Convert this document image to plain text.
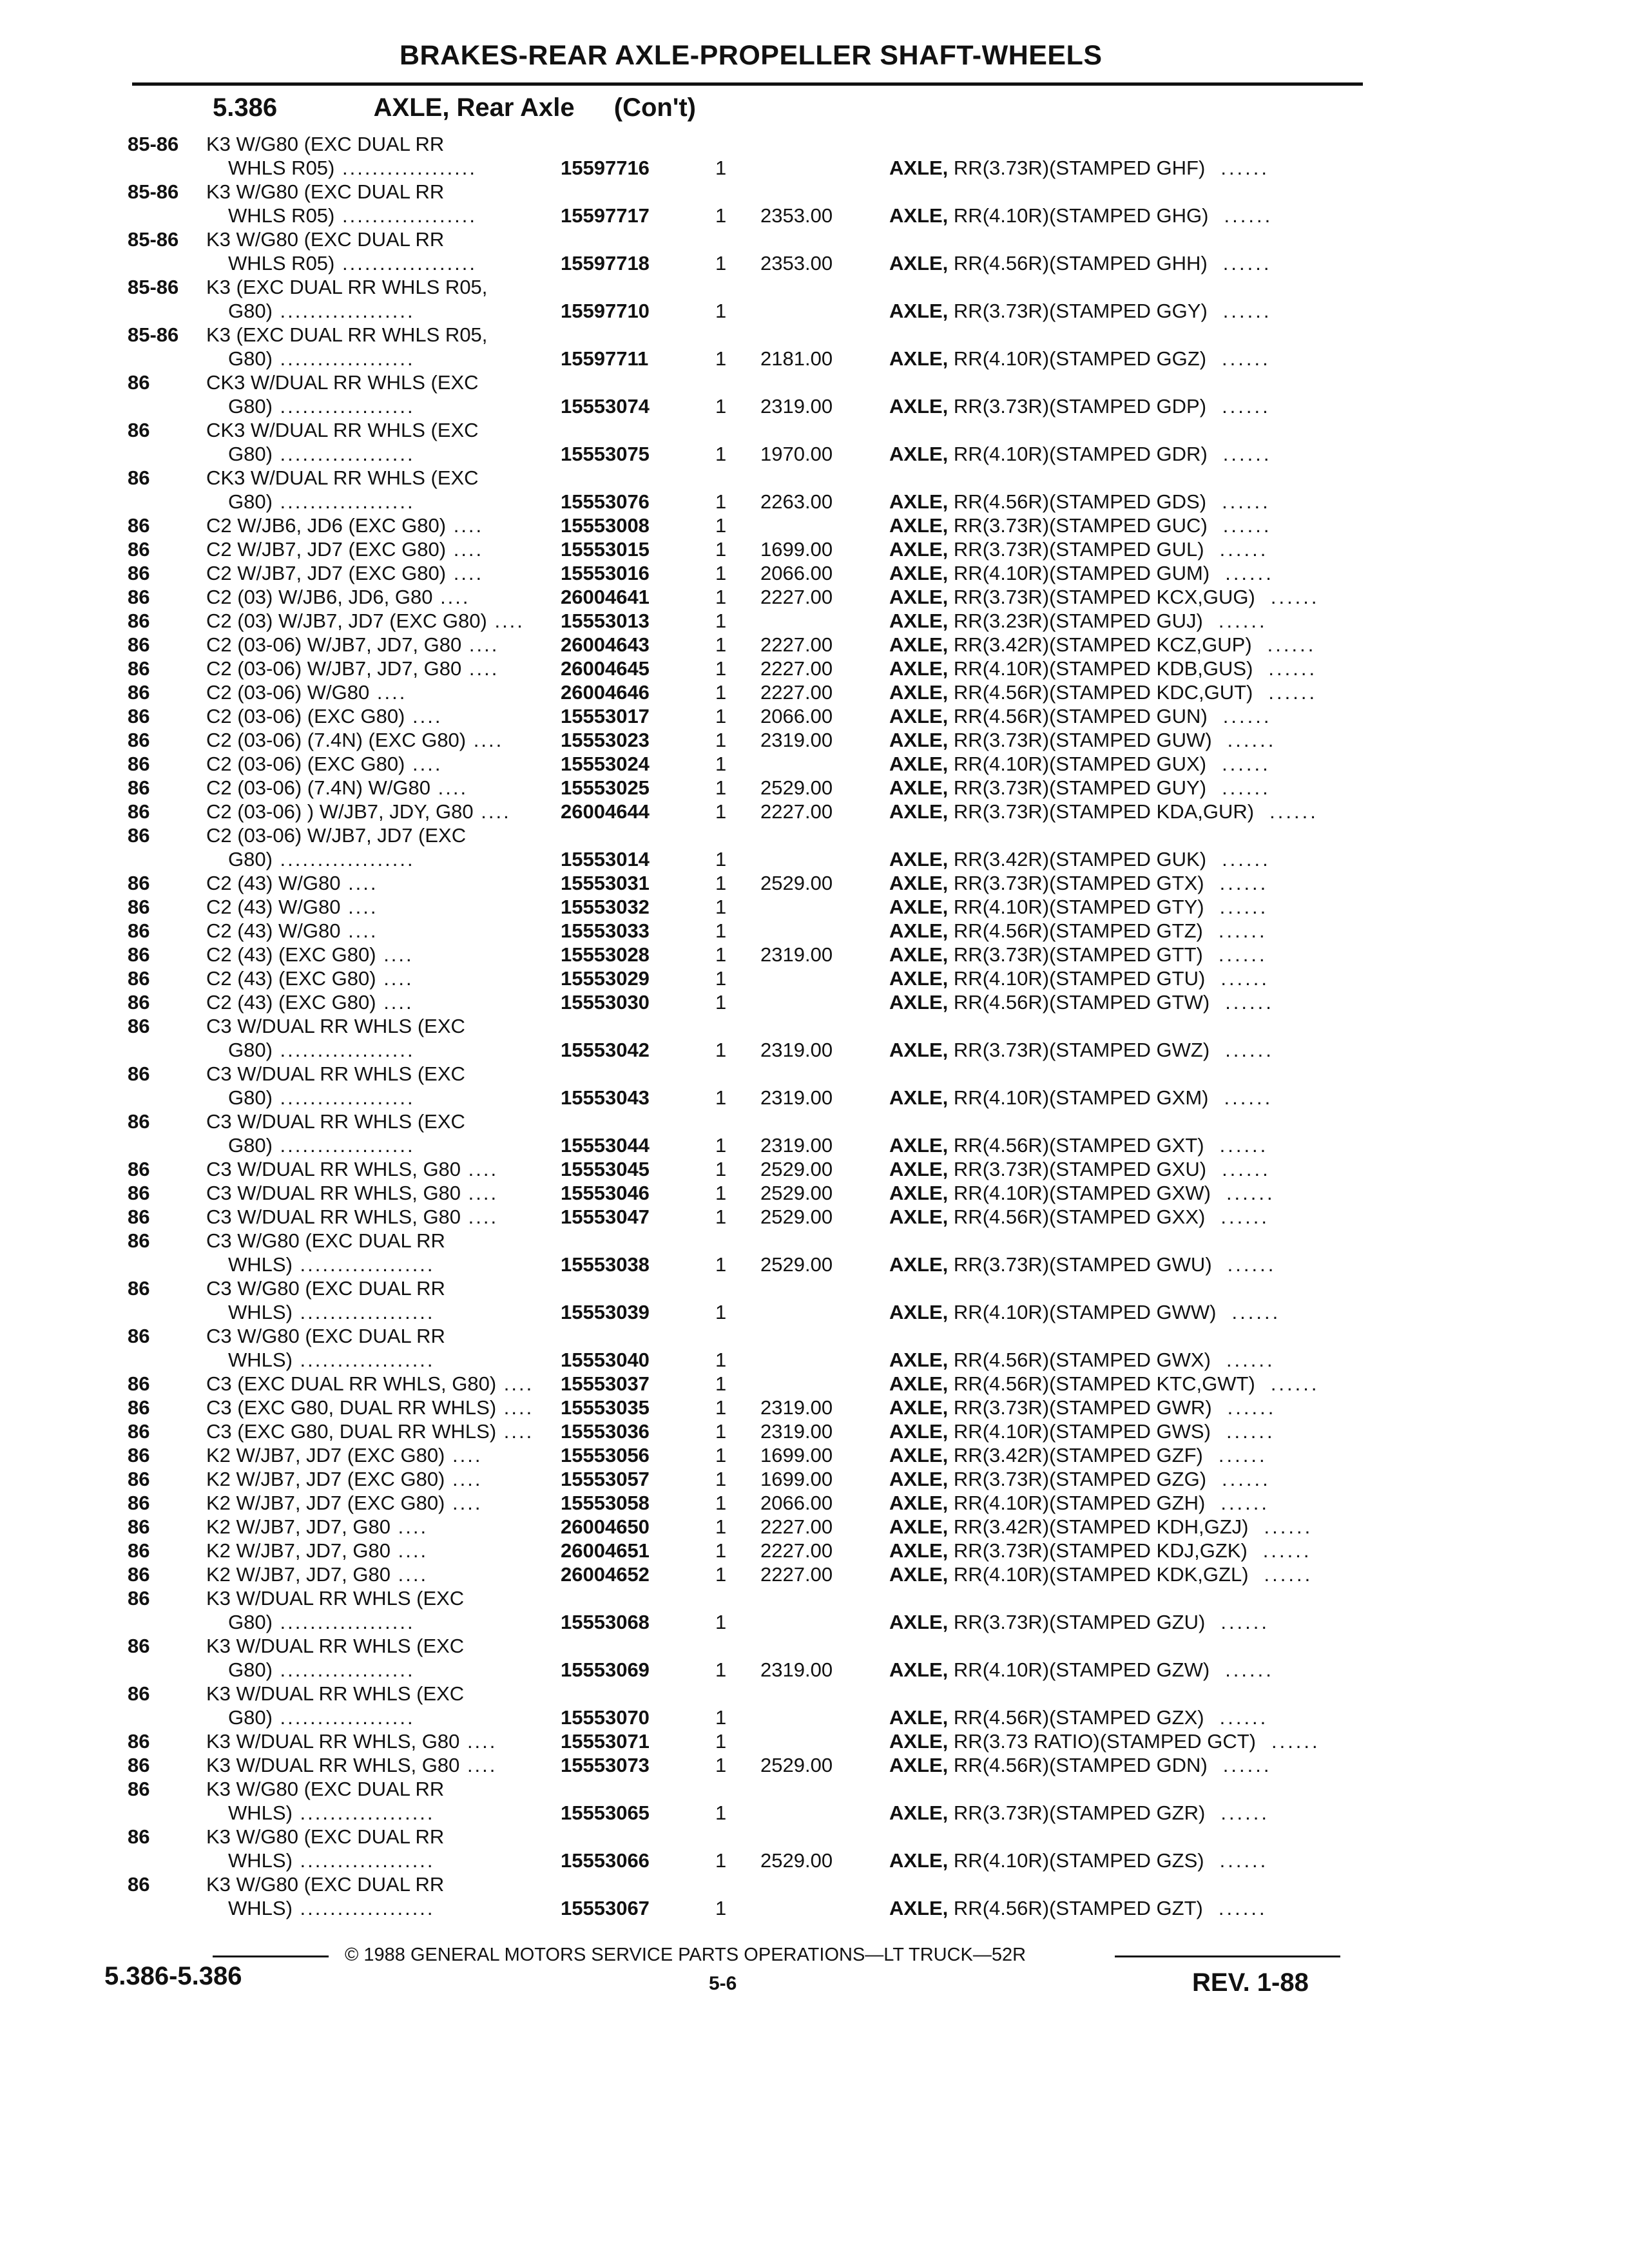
BRAKES-REAR AXLE-PROPELLER SHAFT-WHEELS
5.386	AXLE, Rear Axle (Con't)
85-86 K3 W/G80 (EXC DUAL RR
WHLS R05) ..................	15597716	1	AXLE, RR(3.73R)(STAMPED GHF) ......
85-86 K3 W/G80 (EXC DUAL RR
WHLS R05) ..................	15597717	1 2353.00	AXLE, RR(4.10R)(STAMPED GHG) ......
85-86 K3 W/G80 (EXC DUAL RR
WHLS R05) ..................	15597718	1 2353.00	AXLE, RR(4.56R)(STAMPED GHH) ......
85-86 K3 (EXC DUAL RR WHLS R05,
G80) ..................	15597710	1	AXLE, RR(3.73R)(STAMPED GGY) ......
85-86 K3 (EXC DUAL RR WHLS R05,
G80) ..................	15597711	1 2181.00	AXLE, RR(4.10R)(STAMPED GGZ) ......
86	CK3 W/DUAL RR WHLS (EXC
G80) ..................	15553074	1 2319.00	AXLE, RR(3.73R)(STAMPED GDP) ......
86	CK3 W/DUAL RR WHLS (EXC
G80) ..................	15553075	1 1970.00	AXLE, RR(4.10R)(STAMPED GDR) ......
86	CK3 W/DUAL RR WHLS (EXC
G80) ..................	15553076	1 2263.00	AXLE, RR(4.56R)(STAMPED GDS) ......
86	C2 W/JB6, JD6 (EXC G80) ....	15553008	1	AXLE, RR(3.73R)(STAMPED GUC) ......
86	C2 W/JB7, JD7 (EXC G80) ....	15553015	1 1699.00	AXLE, RR(3.73R)(STAMPED GUL) ......
86	C2 W/JB7, JD7 (EXC G80) ....	15553016	1 2066.00	AXLE, RR(4.10R)(STAMPED GUM) ......
86	C2 (03) W/JB6, JD6, G80 ....	26004641	1 2227.00	AXLE, RR(3.73R)(STAMPED KCX,GUG) ......
86	C2 (03) W/JB7, JD7 (EXC G80) .... 15553013	1	AXLE, RR(3.23R)(STAMPED GUJ) ......
86	C2 (03-06) W/JB7, JD7, G80 ....	26004643	1 2227.00	AXLE, RR(3.42R)(STAMPED KCZ,GUP) ......
86	C2 (03-06) W/JB7, JD7, G80 ....	26004645	1 2227.00	AXLE, RR(4.10R)(STAMPED KDB,GUS) ......
86	C2 (03-06) W/G80 ....	26004646	1 2227.00	AXLE, RR(4.56R)(STAMPED KDC,GUT) ......
86	C2 (03-06) (EXC G80) ....	15553017	1 2066.00	AXLE, RR(4.56R)(STAMPED GUN) ......
86	C2 (03-06) (7.4N) (EXC G80) ....	15553023	1 2319.00	AXLE, RR(3.73R)(STAMPED GUW) ......
86	C2 (03-06) (EXC G80) ....	15553024	1	AXLE, RR(4.10R)(STAMPED GUX) ......
86	C2 (03-06) (7.4N) W/G80 ....	15553025	1 2529.00	AXLE, RR(3.73R)(STAMPED GUY) ......
86	C2 (03-06) ) W/JB7, JDY, G80 .... 26004644	1 2227.00	AXLE, RR(3.73R)(STAMPED KDA,GUR) ......
86	C2 (03-06) W/JB7, JD7 (EXC
G80) ..................	15553014	1	AXLE, RR(3.42R)(STAMPED GUK) ......
86	C2 (43) W/G80 ....	15553031	1 2529.00	AXLE, RR(3.73R)(STAMPED GTX) ......
86	C2 (43) W/G80 ....	15553032	1	AXLE, RR(4.10R)(STAMPED GTY) ......
86	C2 (43) W/G80 ....	15553033	1	AXLE, RR(4.56R)(STAMPED GTZ) ......
86	C2 (43) (EXC G80) ....	15553028	1 2319.00	AXLE, RR(3.73R)(STAMPED GTT) ......
86	C2 (43) (EXC G80) ....	15553029	1	AXLE, RR(4.10R)(STAMPED GTU) ......
86	C2 (43) (EXC G80) ....	15553030	1	AXLE, RR(4.56R)(STAMPED GTW) ......
86	C3 W/DUAL RR WHLS (EXC
G80) ..................	15553042	1 2319.00	AXLE, RR(3.73R)(STAMPED GWZ) ......
86	C3 W/DUAL RR WHLS (EXC
G80) ..................	15553043	1 2319.00	AXLE, RR(4.10R)(STAMPED GXM) ......
86	C3 W/DUAL RR WHLS (EXC
G80) ..................	15553044	1 2319.00	AXLE, RR(4.56R)(STAMPED GXT) ......
86	C3 W/DUAL RR WHLS, G80 ....	15553045	1 2529.00	AXLE, RR(3.73R)(STAMPED GXU) ......
86	C3 W/DUAL RR WHLS, G80 ....	15553046	1 2529.00	AXLE, RR(4.10R)(STAMPED GXW) ......
86	C3 W/DUAL RR WHLS, G80 ....	15553047	1 2529.00	AXLE, RR(4.56R)(STAMPED GXX) ......
86	C3 W/G80 (EXC DUAL RR
WHLS) ..................	15553038	1 2529.00	AXLE, RR(3.73R)(STAMPED GWU) ......
86	C3 W/G80 (EXC DUAL RR
WHLS) ..................	15553039	1	AXLE, RR(4.10R)(STAMPED GWW) ......
86	C3 W/G80 (EXC DUAL RR
WHLS) ..................	15553040	1	AXLE, RR(4.56R)(STAMPED GWX) ......
86	C3 (EXC DUAL RR WHLS, G80) .... 15553037	1	AXLE, RR(4.56R)(STAMPED KTC,GWT) ......
86	C3 (EXC G80, DUAL RR WHLS) .... 15553035	1 2319.00	AXLE, RR(3.73R)(STAMPED GWR) ......
86	C3 (EXC G80, DUAL RR WHLS) .... 15553036	1 2319.00	AXLE, RR(4.10R)(STAMPED GWS) ......
86	K2 W/JB7, JD7 (EXC G80) ....	15553056	1 1699.00	AXLE, RR(3.42R)(STAMPED GZF) ......
86	K2 W/JB7, JD7 (EXC G80) ....	15553057	1 1699.00	AXLE, RR(3.73R)(STAMPED GZG) ......
86	K2 W/JB7, JD7 (EXC G80) ....	15553058	1 2066.00	AXLE, RR(4.10R)(STAMPED GZH) ......
86	K2 W/JB7, JD7, G80 ....	26004650	1 2227.00	AXLE, RR(3.42R)(STAMPED KDH,GZJ) ......
86	K2 W/JB7, JD7, G80 ....	26004651	1 2227.00	AXLE, RR(3.73R)(STAMPED KDJ,GZK) ......
86	K2 W/JB7, JD7, G80 ....	26004652	1 2227.00	AXLE, RR(4.10R)(STAMPED KDK,GZL) ......
86	K3 W/DUAL RR WHLS (EXC
G80) ..................	15553068	1	AXLE, RR(3.73R)(STAMPED GZU) ......
86	K3 W/DUAL RR WHLS (EXC
G80) ..................	15553069	1 2319.00	AXLE, RR(4.10R)(STAMPED GZW) ......
86	K3 W/DUAL RR WHLS (EXC
G80) ..................	15553070	1	AXLE, RR(4.56R)(STAMPED GZX) ......
86	K3 W/DUAL RR WHLS, G80 ....	15553071	1	AXLE, RR(3.73 RATIO)(STAMPED GCT) ......
86	K3 W/DUAL RR WHLS, G80 ....	15553073	1 2529.00	AXLE, RR(4.56R)(STAMPED GDN) ......
86	K3 W/G80 (EXC DUAL RR
WHLS) ..................	15553065	1	AXLE, RR(3.73R)(STAMPED GZR) ......
86	K3 W/G80 (EXC DUAL RR
WHLS) ..................	15553066	1 2529.00	AXLE, RR(4.10R)(STAMPED GZS) ......
86	K3 W/G80 (EXC DUAL RR
WHLS) ..................	15553067	1	AXLE, RR(4.56R)(STAMPED GZT) ......
5.386-5.386
© 1988 GENERAL MOTORS SERVICE PARTS OPERATIONS—LT TRUCK—52R
5-6	REV. 1-88
